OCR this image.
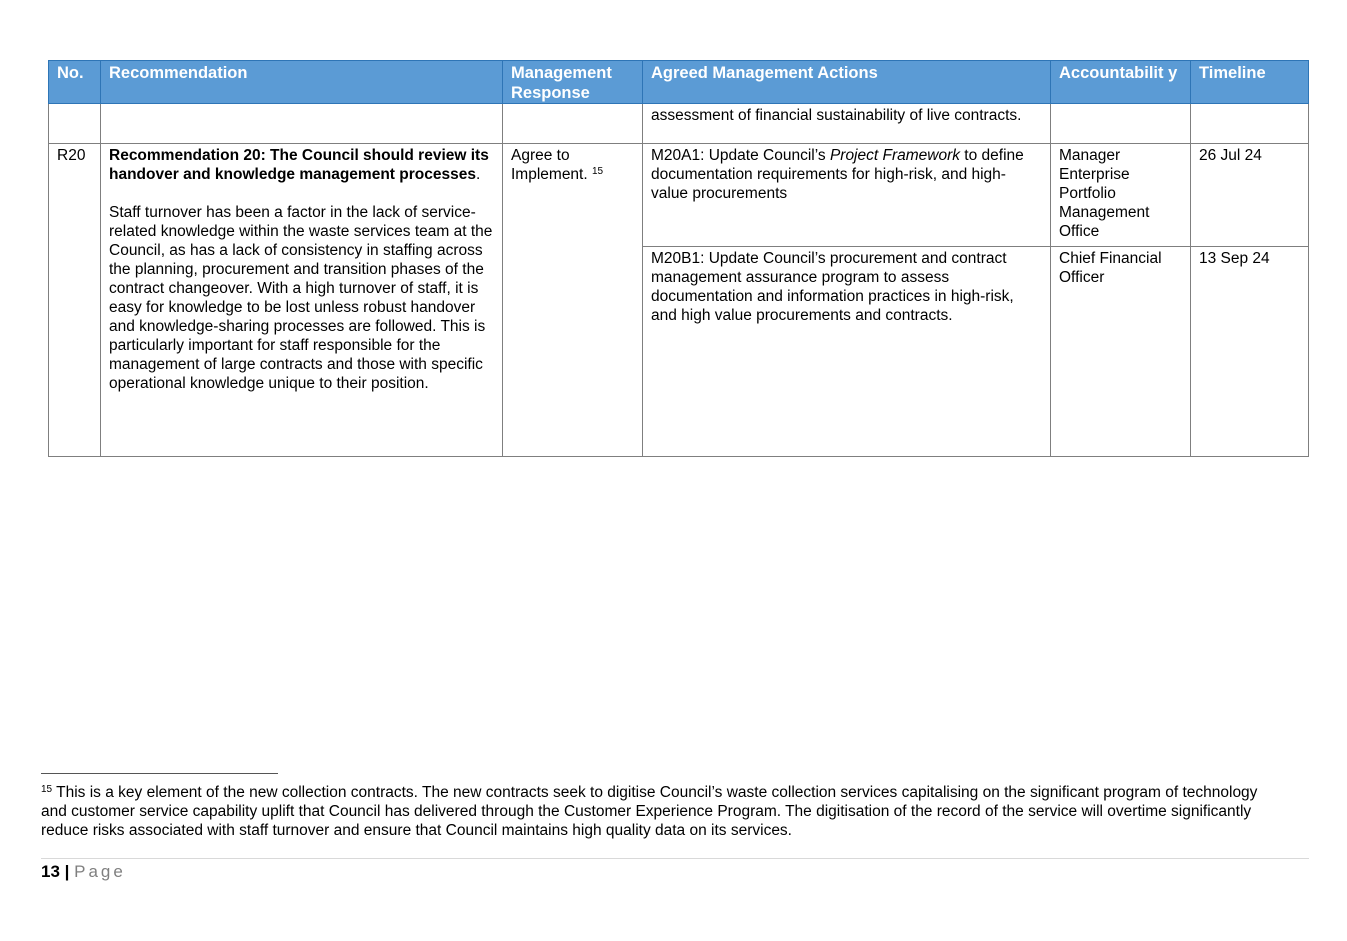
No.	Recommendation	Management Response	Agreed Management Actions	Accountabilit y	Timeline
			assessment of financial sustainability of live contracts.		
R20	Recommendation 20: The Council should review its handover and knowledge management processes.
Staff turnover has been a factor in the lack of service-related knowledge within the waste services team at the Council, as has a lack of consistency in staffing across the planning, procurement and transition phases of the contract changeover. With a high turnover of staff, it is easy for knowledge to be lost unless robust handover and knowledge-sharing processes are followed. This is particularly important for staff responsible for the management of large contracts and those with specific operational knowledge unique to their position.	Agree to Implement. $^{15}$	M20A1: Update Council’s Project Framework to define documentation requirements for high-risk, and high-value procurements	Manager Enterprise Portfolio Management Office	26 Jul 24
			M20B1: Update Council’s procurement and contract management assurance program to assess documentation and information practices in high-risk, and high value procurements and contracts.	Chief Financial Officer	13 Sep 24
$^{15}$ This is a key element of the new collection contracts. The new contracts seek to digitise Council’s waste collection services capitalising on the significant program of technology and customer service capability uplift that Council has delivered through the Customer Experience Program. The digitisation of the record of the service will overtime significantly reduce risks associated with staff turnover and ensure that Council maintains high quality data on its services.
13 | Page
